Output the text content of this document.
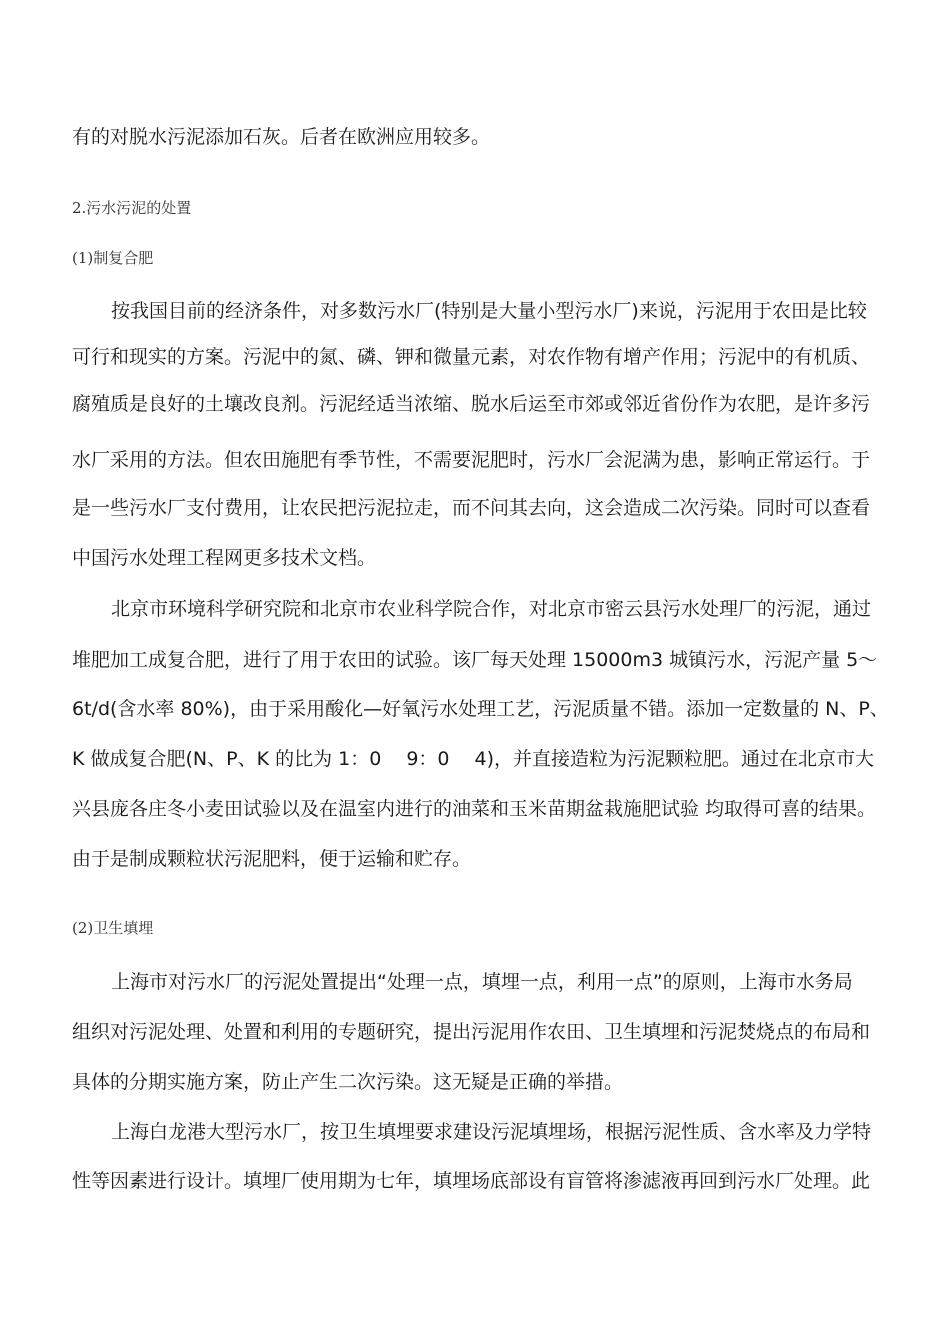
有的对脱水污泥添加石灰。后者在欧洲应用较多。
2.污水污泥的处置
(1)制复合肥
按我国目前的经济条件，对多数污水厂(特别是大量小型污水厂)来说，污泥用于农田是比较
可行和现实的方案。污泥中的氮、磷、钾和微量元素，对农作物有增产作用；污泥中的有机质、
腐殖质是良好的土壤改良剂。污泥经适当浓缩、脱水后运至市郊或邻近省份作为农肥，是许多污
水厂采用的方法。但农田施肥有季节性，不需要泥肥时，污水厂会泥满为患，影响正常运行。于
是一些污水厂支付费用，让农民把污泥拉走，而不问其去向，这会造成二次污染。同时可以查看
中国污水处理工程网更多技术文档。
北京市环境科学研究院和北京市农业科学院合作，对北京市密云县污水处理厂的污泥，通过
堆肥加工成复合肥，进行了用于农田的试验。该厂每天处理 15000m3 城镇污水，污泥产量 5～
6t/d(含水率 80%)，由于采用酸化—好氧污水处理工艺，污泥质量不错。添加一定数量的 N、P、
K 做成复合肥(N、P、K 的比为 1：0　 9：0　 4)，并直接造粒为污泥颗粒肥。通过在北京市大
兴县庞各庄冬小麦田试验以及在温室内进行的油菜和玉米苗期盆栽施肥试验 均取得可喜的结果。
由于是制成颗粒状污泥肥料，便于运输和贮存。
(2)卫生填埋
上海市对污水厂的污泥处置提出“处理一点，填埋一点，利用一点”的原则，上海市水务局
组织对污泥处理、处置和利用的专题研究，提出污泥用作农田、卫生填埋和污泥焚烧点的布局和
具体的分期实施方案，防止产生二次污染。这无疑是正确的举措。
上海白龙港大型污水厂，按卫生填埋要求建设污泥填埋场，根据污泥性质、含水率及力学特
性等因素进行设计。填埋厂使用期为七年，填埋场底部设有盲管将渗滤液再回到污水厂处理。此
